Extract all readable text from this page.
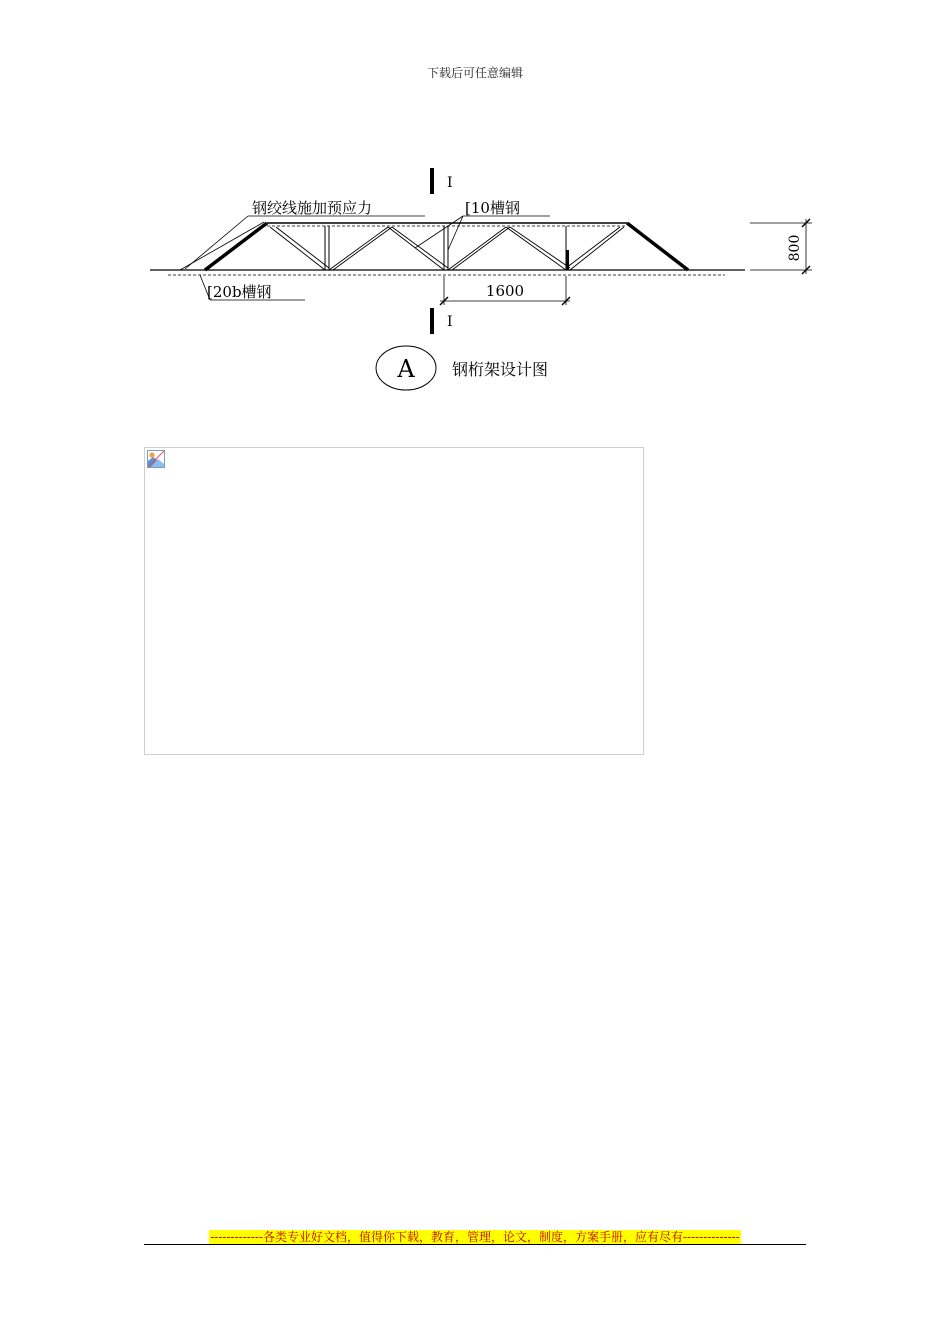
下载后可任意编辑
I
钢绞线施加预应力	[10槽钢
[20b槽钢	1600
800
I
A 钢桁架设计图
-------------各类专业好文档，值得你下载，教育，管理，论文，制度，方案手册，应有尽有--------------
